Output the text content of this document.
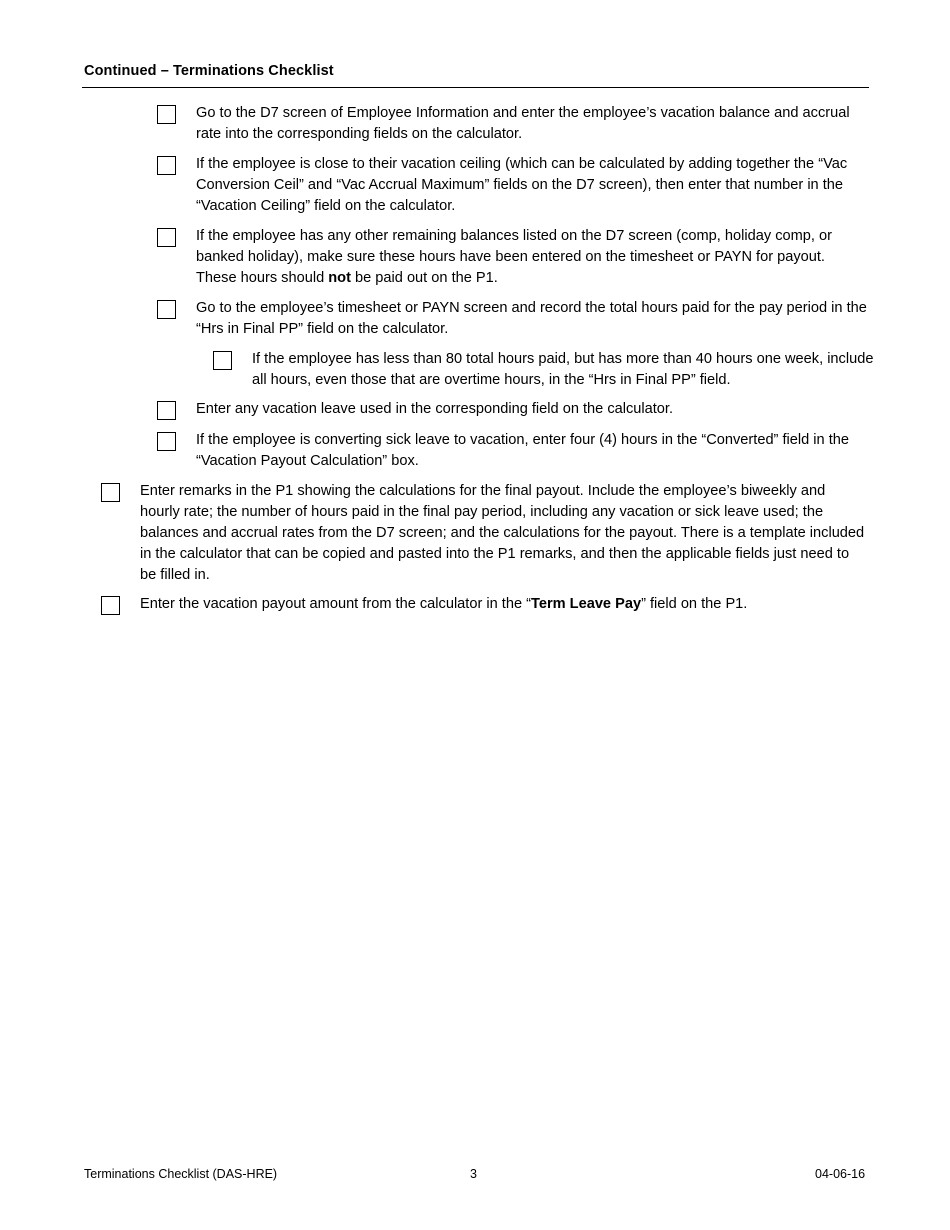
Continued – Terminations Checklist
Go to the D7 screen of Employee Information and enter the employee’s vacation balance and accrual rate into the corresponding fields on the calculator.
If the employee is close to their vacation ceiling (which can be calculated by adding together the “Vac Conversion Ceil” and “Vac Accrual Maximum” fields on the D7 screen), then enter that number in the “Vacation Ceiling” field on the calculator.
If the employee has any other remaining balances listed on the D7 screen (comp, holiday comp, or banked holiday), make sure these hours have been entered on the timesheet or PAYN for payout. These hours should not be paid out on the P1.
Go to the employee’s timesheet or PAYN screen and record the total hours paid for the pay period in the “Hrs in Final PP” field on the calculator.
If the employee has less than 80 total hours paid, but has more than 40 hours one week, include all hours, even those that are overtime hours, in the “Hrs in Final PP” field.
Enter any vacation leave used in the corresponding field on the calculator.
If the employee is converting sick leave to vacation, enter four (4) hours in the “Converted” field in the “Vacation Payout Calculation” box.
Enter remarks in the P1 showing the calculations for the final payout. Include the employee’s biweekly and hourly rate; the number of hours paid in the final pay period, including any vacation or sick leave used; the balances and accrual rates from the D7 screen; and the calculations for the payout. There is a template included in the calculator that can be copied and pasted into the P1 remarks, and then the applicable fields just need to be filled in.
Enter the vacation payout amount from the calculator in the “Term Leave Pay” field on the P1.
Terminations Checklist (DAS-HRE)	3	04-06-16
